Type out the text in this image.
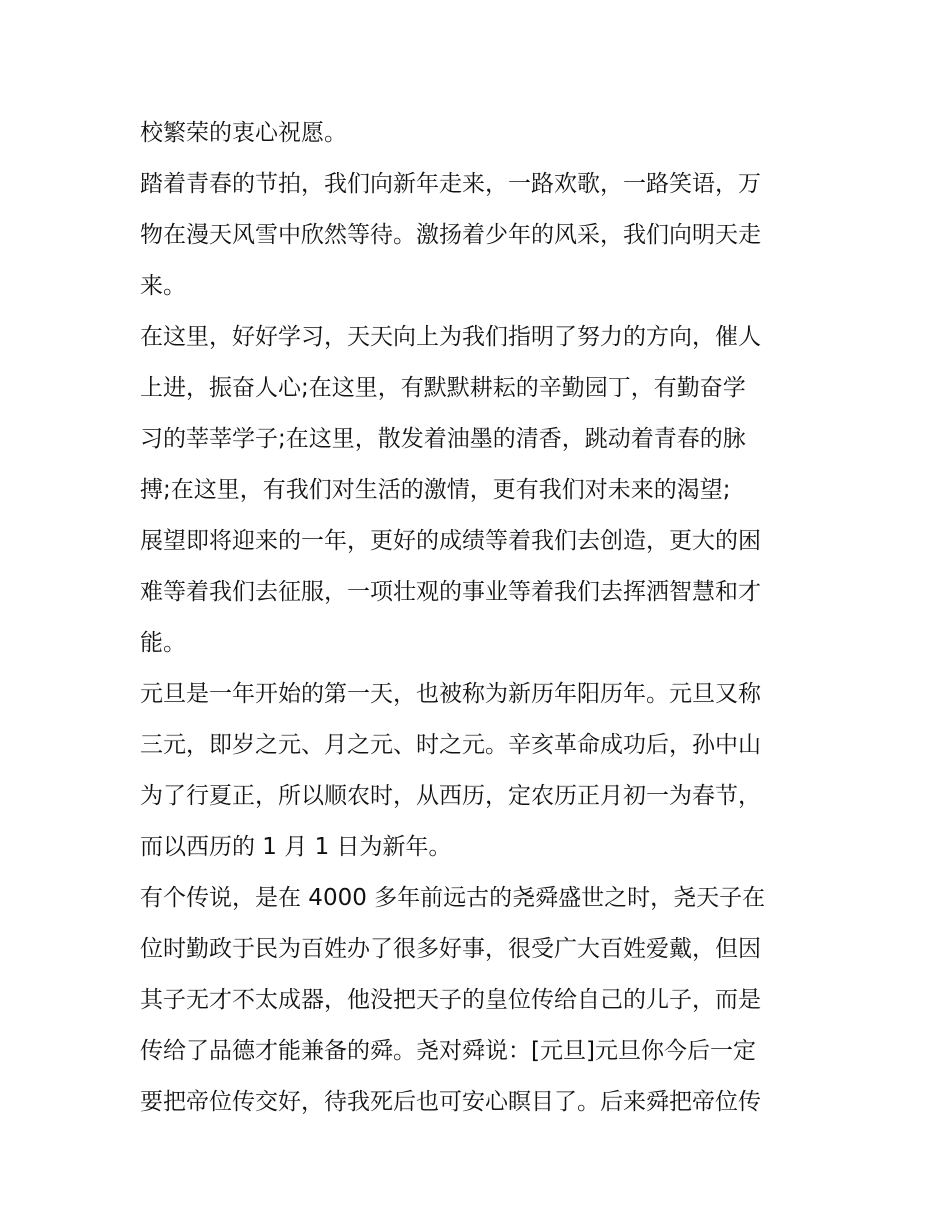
校繁荣的衷心祝愿。
踏着青春的节拍，我们向新年走来，一路欢歌，一路笑语，万
物在漫天风雪中欣然等待。激扬着少年的风采，我们向明天走
来。
在这里，好好学习，天天向上为我们指明了努力的方向，催人
上进，振奋人心;在这里，有默默耕耘的辛勤园丁，有勤奋学
习的莘莘学子;在这里，散发着油墨的清香，跳动着青春的脉
搏;在这里，有我们对生活的激情，更有我们对未来的渴望;
展望即将迎来的一年，更好的成绩等着我们去创造，更大的困
难等着我们去征服，一项壮观的事业等着我们去挥洒智慧和才
能。
元旦是一年开始的第一天，也被称为新历年阳历年。元旦又称
三元，即岁之元、月之元、时之元。辛亥革命成功后，孙中山
为了行夏正，所以顺农时，从西历，定农历正月初一为春节，
而以西历的 1 月 1 日为新年。
有个传说，是在 4000 多年前远古的尧舜盛世之时，尧天子在
位时勤政于民为百姓办了很多好事，很受广大百姓爱戴，但因
其子无才不太成器，他没把天子的皇位传给自己的儿子，而是
传给了品德才能兼备的舜。尧对舜说：[元旦]元旦你今后一定
要把帝位传交好，待我死后也可安心瞑目了。后来舜把帝位传
